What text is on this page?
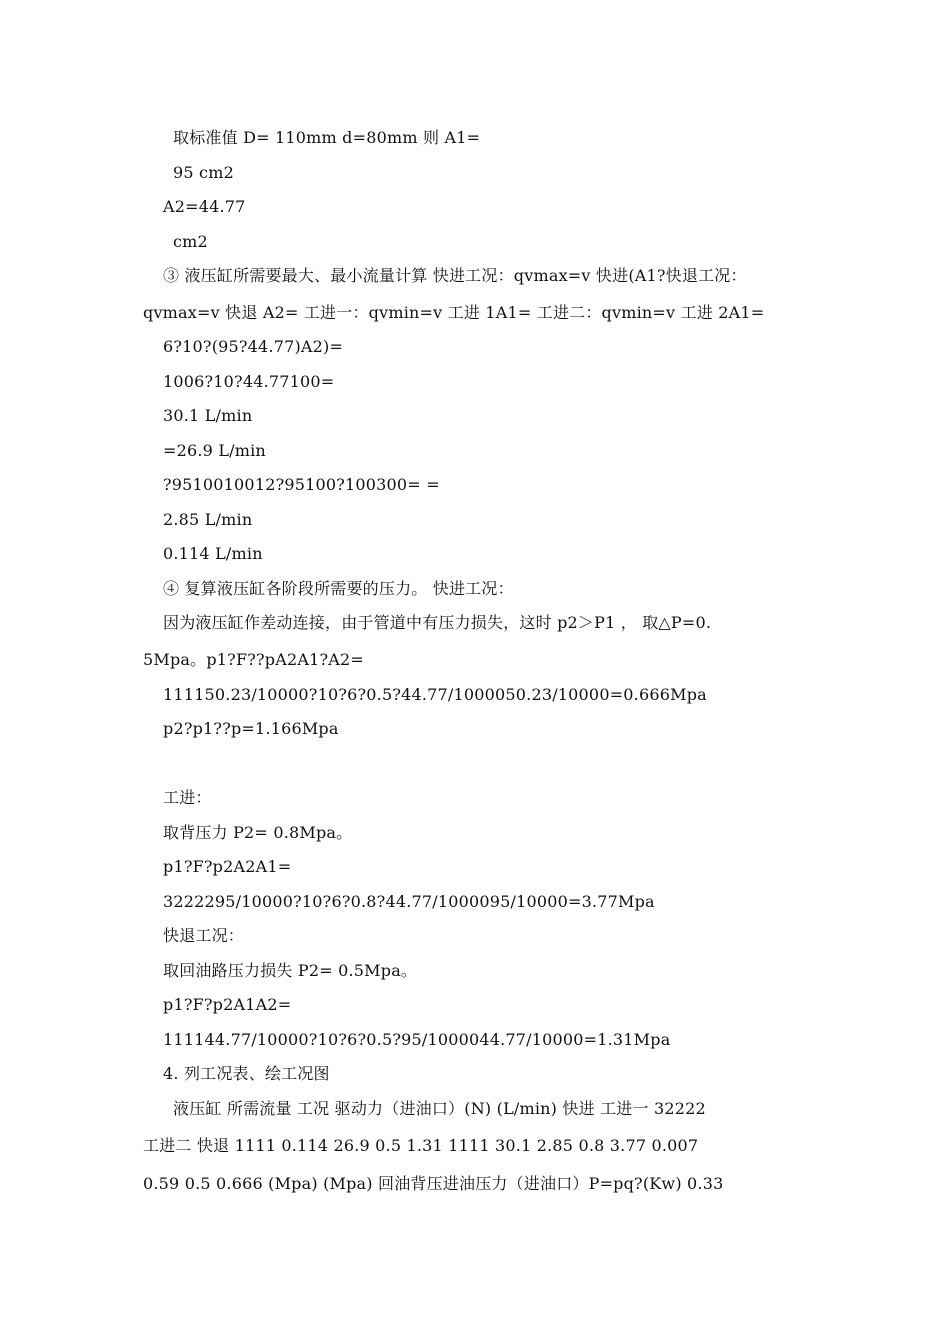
取标准值 D= 110mm d=80mm 则 A1=
95 cm2
A2=44.77
cm2
③ 液压缸所需要最大、最小流量计算 快进工况：qvmax=v 快进(A1?快退工况：
qvmax=v 快退 A2= 工进一：qvmin=v 工进 1A1= 工进二：qvmin=v 工进 2A1=
6?10?(95?44.77)A2)=
1006?10?44.77100=
30.1 L/min
=26.9 L/min
?9510010012?95100?100300= =
2.85 L/min
0.114 L/min
④ 复算液压缸各阶段所需要的压力。 快进工况：
因为液压缸作差动连接，由于管道中有压力损失，这时 p2＞P1 ， 取△P=0.
5Mpa。p1?F??pA2A1?A2=
111150.23/10000?10?6?0.5?44.77/1000050.23/10000=0.666Mpa
p2?p1??p=1.166Mpa
工进：
取背压力 P2= 0.8Mpa。
p1?F?p2A2A1=
3222295/10000?10?6?0.8?44.77/1000095/10000=3.77Mpa
快退工况：
取回油路压力损失 P2= 0.5Mpa。
p1?F?p2A1A2=
111144.77/10000?10?6?0.5?95/1000044.77/10000=1.31Mpa
4. 列工况表、绘工况图
液压缸 所需流量 工况 驱动力（进油口）(N) (L/min) 快进 工进一 32222
工进二 快退 1111 0.114 26.9 0.5 1.31 1111 30.1 2.85 0.8 3.77 0.007
0.59 0.5 0.666 (Mpa) (Mpa) 回油背压进油压力（进油口）P=pq?(Kw) 0.33
